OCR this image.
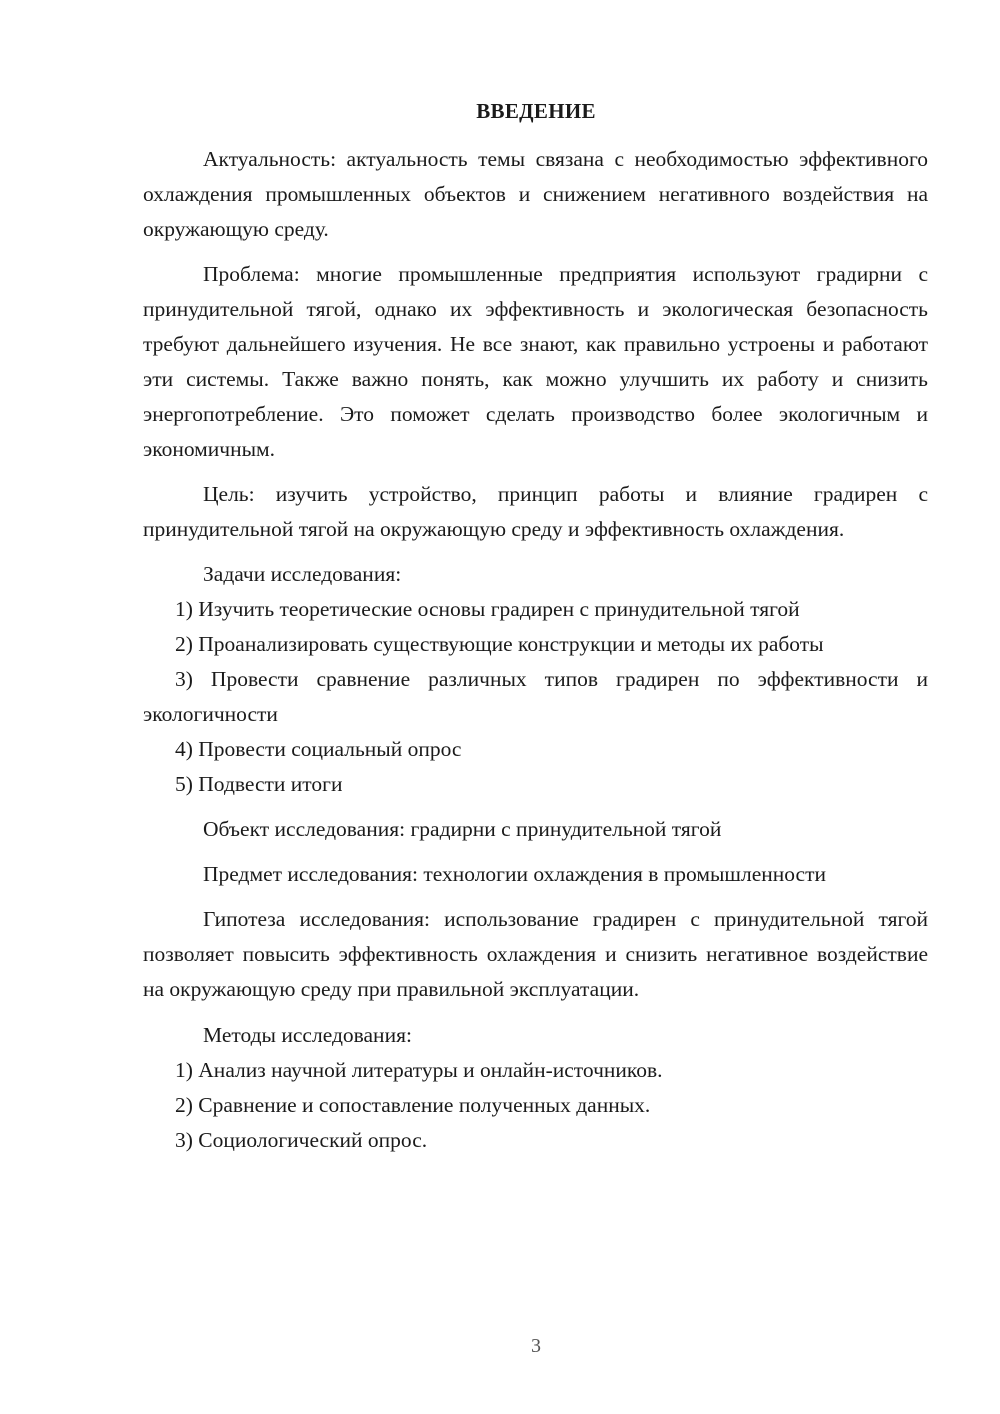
ВВЕДЕНИЕ

Актуальность: актуальность темы связана с необходимостью эффективного охлаждения промышленных объектов и снижением негативного воздействия на окружающую среду.

Проблема: многие промышленные предприятия используют градирни с принудительной тягой, однако их эффективность и экологическая безопасность требуют дальнейшего изучения. Не все знают, как правильно устроены и работают эти системы. Также важно понять, как можно улучшить их работу и снизить энергопотребление. Это поможет сделать производство более экологичным и экономичным.

Цель: изучить устройство, принцип работы и влияние градирен с принудительной тягой на окружающую среду и эффективность охлаждения.

Задачи исследования:

1) Изучить теоретические основы градирен с принудительной тягой

2) Проанализировать существующие конструкции и методы их работы

3) Провести сравнение различных типов градирен по эффективности и экологичности

4) Провести социальный опрос

5) Подвести итоги

Объект исследования: градирни с принудительной тягой

Предмет исследования: технологии охлаждения в промышленности

Гипотеза исследования: использование градирен с принудительной тягой позволяет повысить эффективность охлаждения и снизить негативное воздействие на окружающую среду при правильной эксплуатации.

Методы исследования:

1) Анализ научной литературы и онлайн-источников.

2) Сравнение и сопоставление полученных данных.

3) Социологический опрос.

3
